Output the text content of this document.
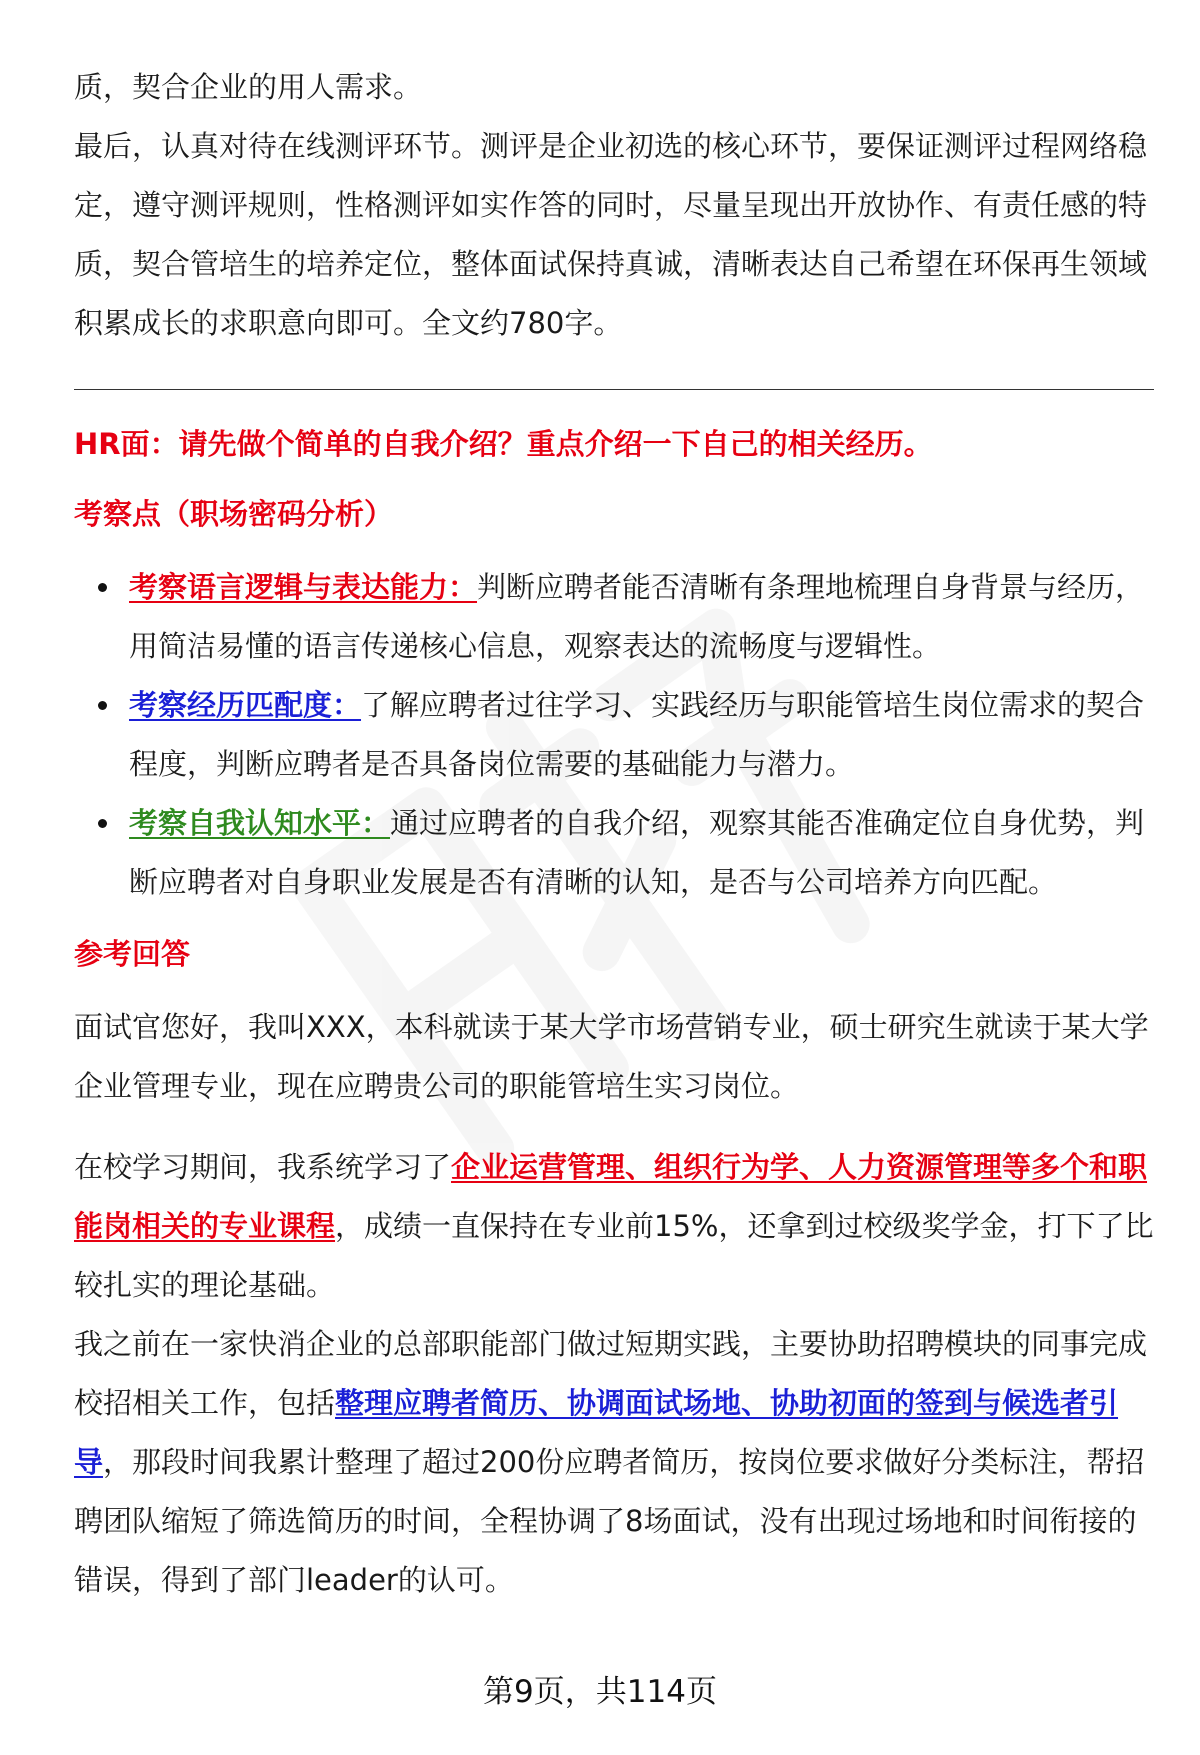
质，契合企业的用人需求。

最后，认真对待在线测评环节。测评是企业初选的核心环节，要保证测评过程网络稳定，遵守测评规则，性格测评如实作答的同时，尽量呈现出开放协作、有责任感的特质，契合管培生的培养定位，整体面试保持真诚，清晰表达自己希望在环保再生领域积累成长的求职意向即可。全文约780字。

HR面：请先做个简单的自我介绍？重点介绍一下自己的相关经历。
考察点（职场密码分析）
考察语言逻辑与表达能力：判断应聘者能否清晰有条理地梳理自身背景与经历，用简洁易懂的语言传递核心信息，观察表达的流畅度与逻辑性。
考察经历匹配度：了解应聘者过往学习、实践经历与职能管培生岗位需求的契合程度，判断应聘者是否具备岗位需要的基础能力与潜力。
考察自我认知水平：通过应聘者的自我介绍，观察其能否准确定位自身优势，判断应聘者对自身职业发展是否有清晰的认知，是否与公司培养方向匹配。
参考回答

面试官您好，我叫XXX，本科就读于某大学市场营销专业，硕士研究生就读于某大学企业管理专业，现在应聘贵公司的职能管培生实习岗位。

在校学习期间，我系统学习了企业运营管理、组织行为学、人力资源管理等多个和职能岗相关的专业课程，成绩一直保持在专业前15%，还拿到过校级奖学金，打下了比较扎实的理论基础。

我之前在一家快消企业的总部职能部门做过短期实践，主要协助招聘模块的同事完成校招相关工作，包括整理应聘者简历、协调面试场地、协助初面的签到与候选者引导，那段时间我累计整理了超过200份应聘者简历，按岗位要求做好分类标注，帮招聘团队缩短了筛选简历的时间，全程协调了8场面试，没有出现过场地和时间衔接的错误，得到了部门leader的认可。

第9页，共114页
